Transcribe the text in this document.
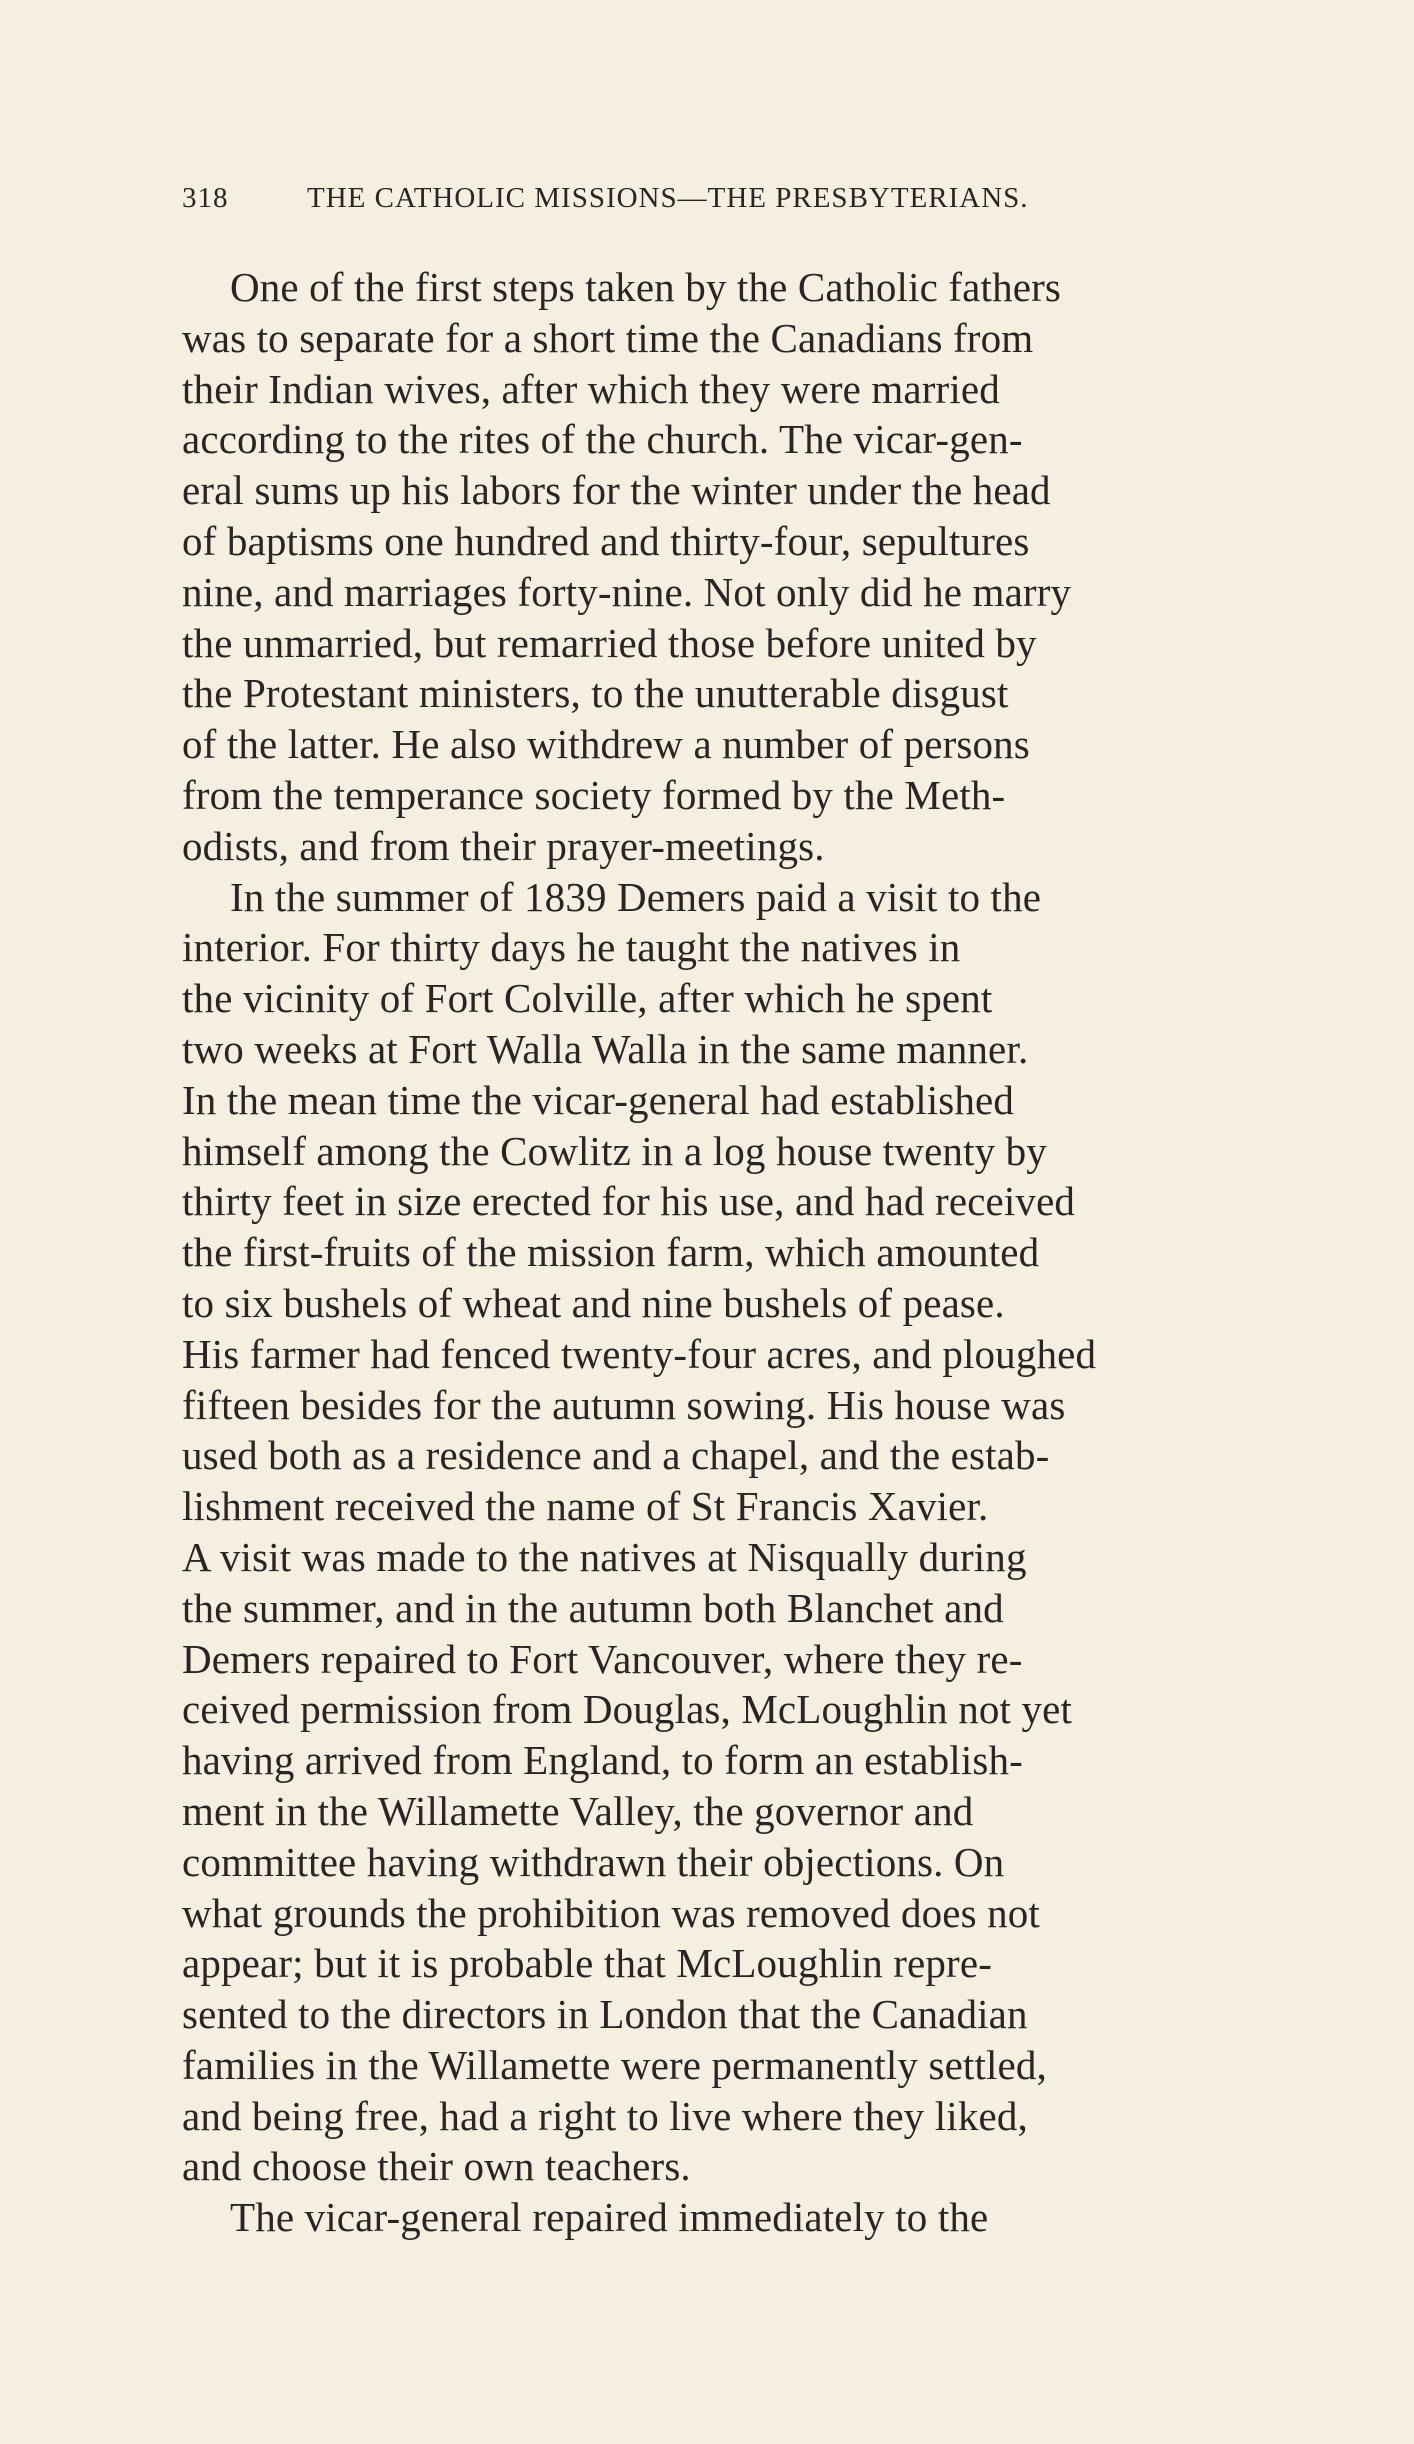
318	THE CATHOLIC MISSIONS—THE PRESBYTERIANS.
One of the first steps taken by the Catholic fathers
was to separate for a short time the Canadians from
their Indian wives, after which they were married
according to the rites of the church. The vicar-gen-
eral sums up his labors for the winter under the head
of baptisms one hundred and thirty-four, sepultures
nine, and marriages forty-nine. Not only did he marry
the unmarried, but remarried those before united by
the Protestant ministers, to the unutterable disgust
of the latter. He also withdrew a number of persons
from the temperance society formed by the Meth-
odists, and from their prayer-meetings.
In the summer of 1839 Demers paid a visit to the
interior. For thirty days he taught the natives in
the vicinity of Fort Colville, after which he spent
two weeks at Fort Walla Walla in the same manner.
In the mean time the vicar-general had established
himself among the Cowlitz in a log house twenty by
thirty feet in size erected for his use, and had received
the first-fruits of the mission farm, which amounted
to six bushels of wheat and nine bushels of pease.
His farmer had fenced twenty-four acres, and ploughed
fifteen besides for the autumn sowing. His house was
used both as a residence and a chapel, and the estab-
lishment received the name of St Francis Xavier.
A visit was made to the natives at Nisqually during
the summer, and in the autumn both Blanchet and
Demers repaired to Fort Vancouver, where they re-
ceived permission from Douglas, McLoughlin not yet
having arrived from England, to form an establish-
ment in the Willamette Valley, the governor and
committee having withdrawn their objections. On
what grounds the prohibition was removed does not
appear; but it is probable that McLoughlin repre-
sented to the directors in London that the Canadian
families in the Willamette were permanently settled,
and being free, had a right to live where they liked,
and choose their own teachers.
The vicar-general repaired immediately to the
